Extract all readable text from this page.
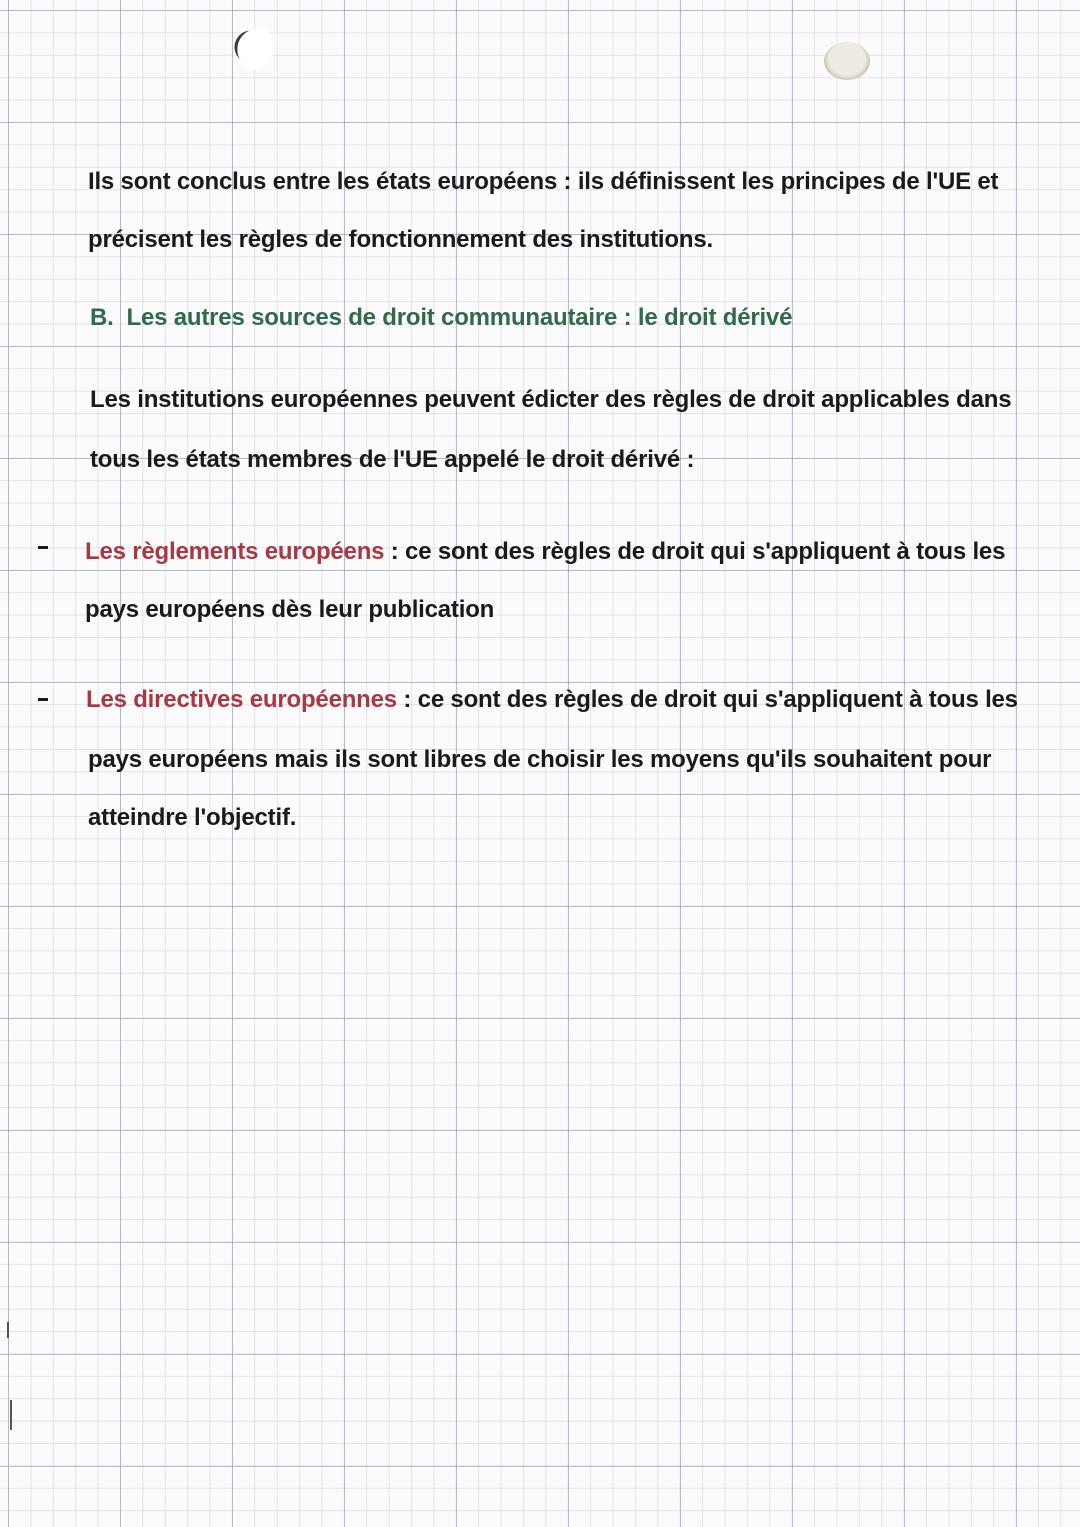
Ils sont conclus entre les états européens : ils définissent les principes de l'UE et
précisent les règles de fonctionnement des institutions.
B. Les autres sources de droit communautaire : le droit dérivé
Les institutions européennes peuvent édicter des règles de droit applicables dans
tous les états membres de l'UE appelé le droit dérivé :
Les règlements européens : ce sont des règles de droit qui s'appliquent à tous les
pays européens dès leur publication
Les directives européennes : ce sont des règles de droit qui s'appliquent à tous les
pays européens mais ils sont libres de choisir les moyens qu'ils souhaitent pour
atteindre l'objectif.
